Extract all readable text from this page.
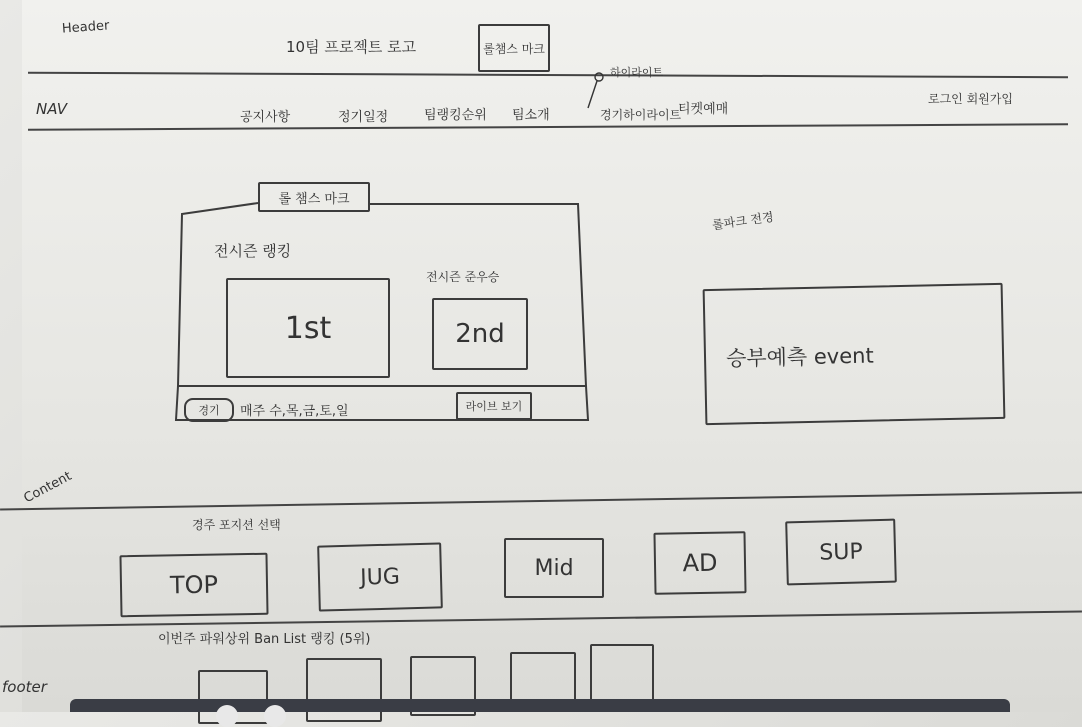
Header
10팀 프로젝트 로고	롤챔스 마크
NAV	공지사항	정기일정	팀랭킹순위 팀소개	경기하이라이트
티켓예매
하이라이트
로그인 회원가입
롤 챔스 마크
전시즌 랭킹
전시즌 준우승
1st	2nd
경기 매주 수,목,금,토,일	라이브 보기
롤파크 전경
승부예측 event
Content
경주 포지션 선택
TOP	JUG	Mid	AD	SUP
이번주 파워상위 Ban List 랭킹 (5위)
footer
